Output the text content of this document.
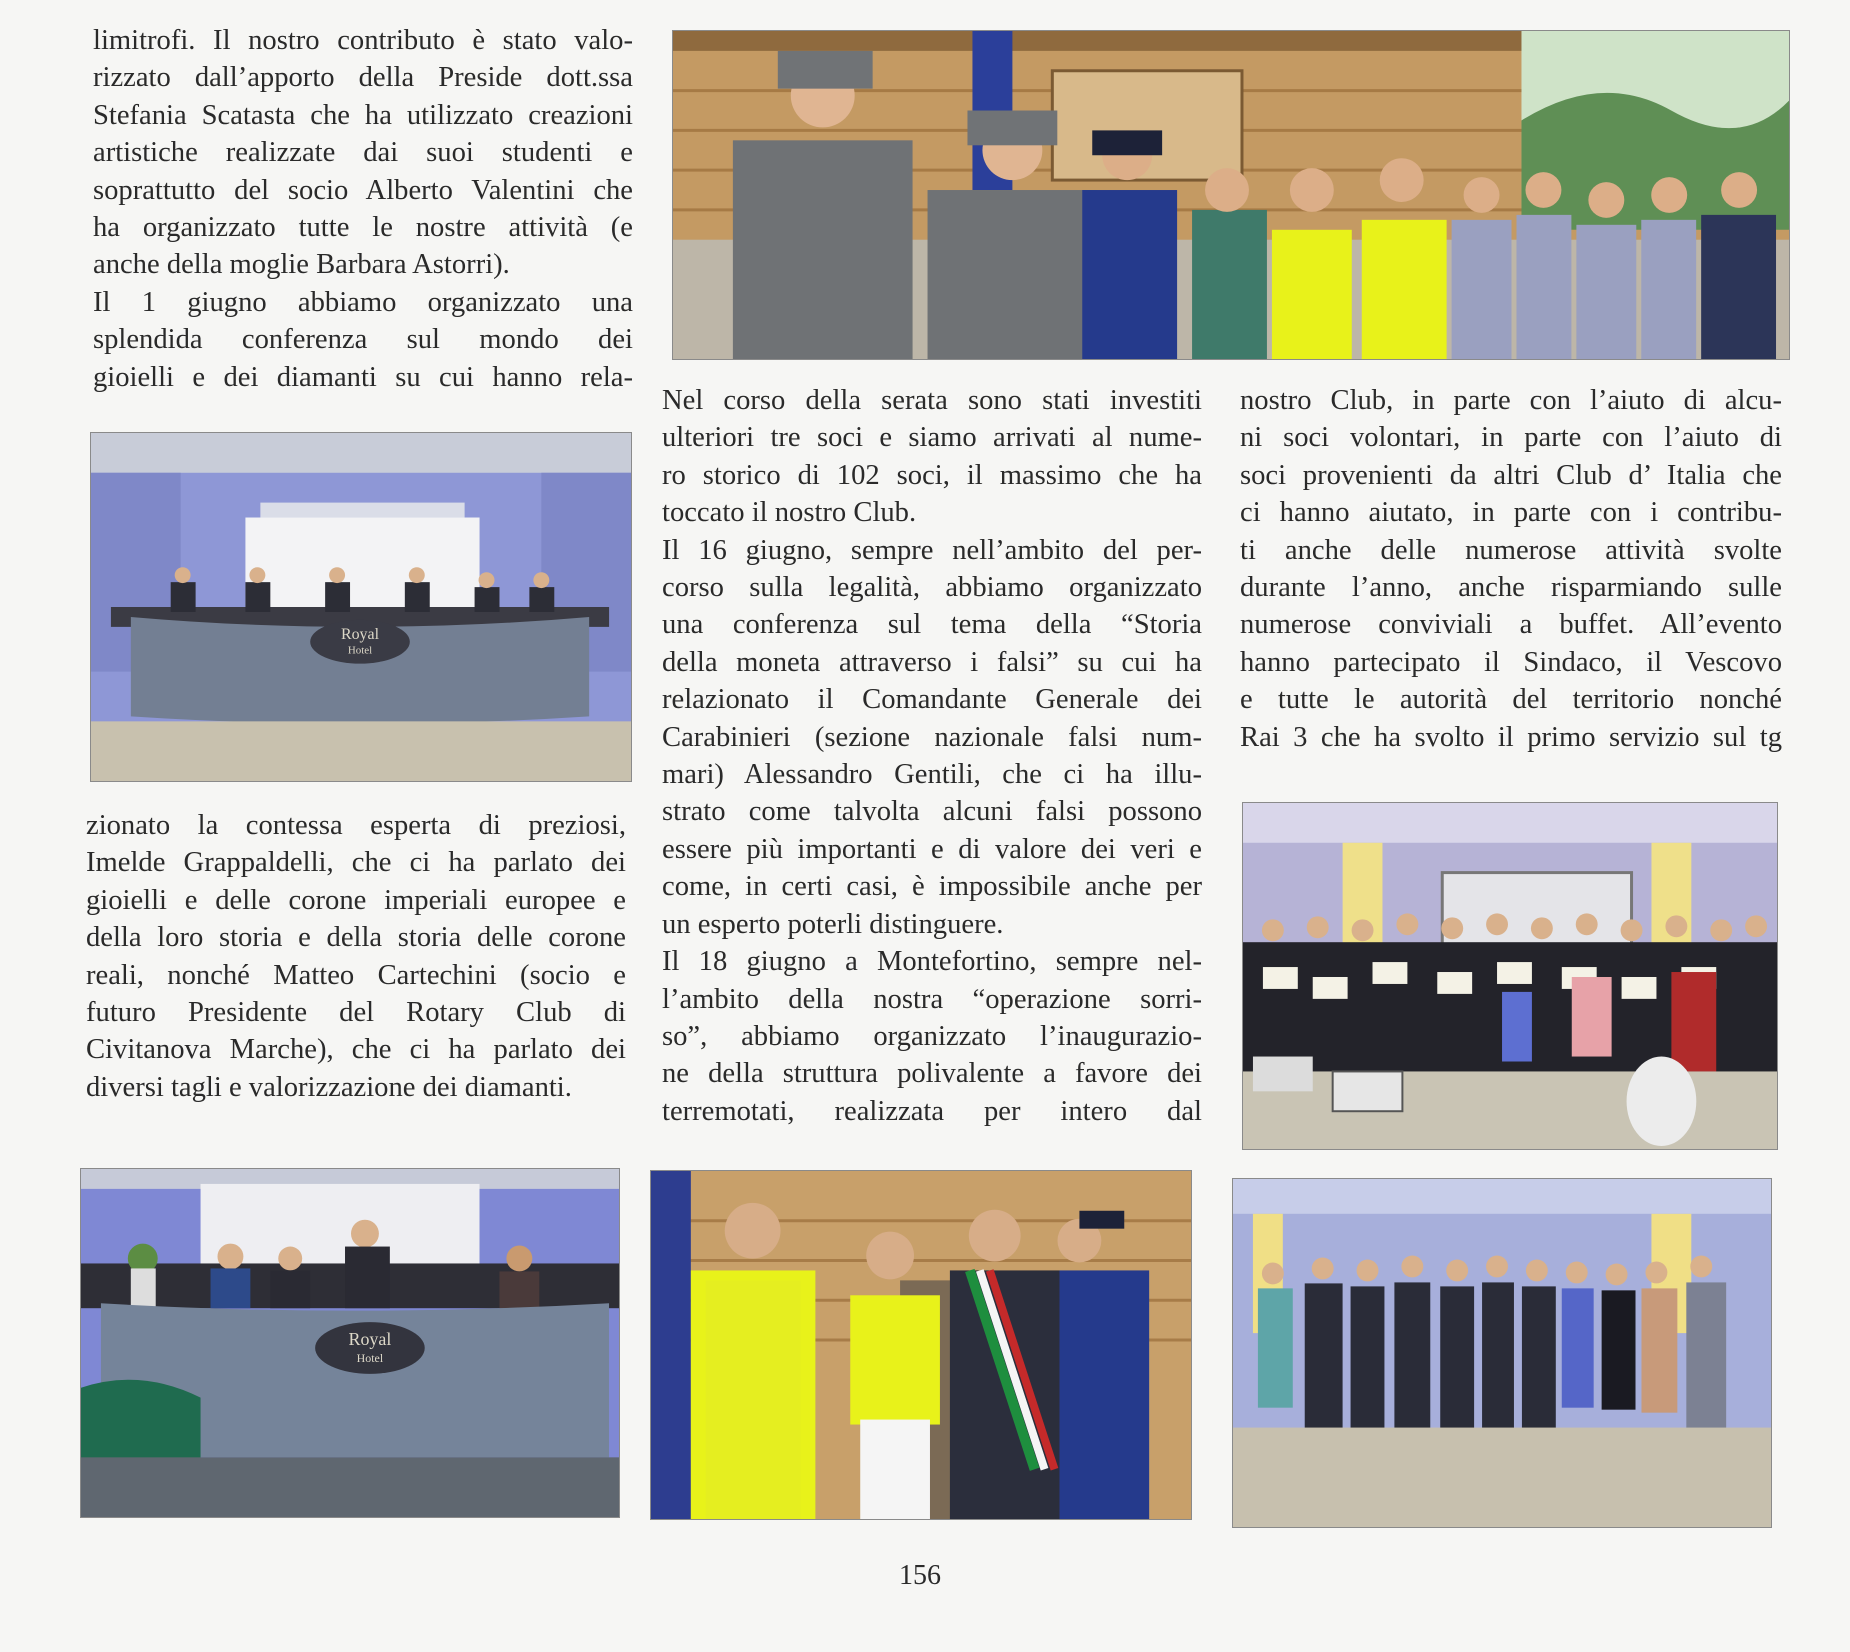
limitrofi. Il nostro contributo è stato valo-

rizzato dall’apporto della Preside dott.ssa

Stefania Scatasta che ha utilizzato creazioni

artistiche realizzate dai suoi studenti e

soprattutto del socio Alberto Valentini che

ha organizzato tutte le nostre attività (e

anche della moglie Barbara Astorri).

Il 1 giugno abbiamo organizzato una

splendida conferenza sul mondo dei

gioielli e dei diamanti su cui hanno rela-

zionato la contessa esperta di preziosi,

Imelde Grappaldelli, che ci ha parlato dei

gioielli e delle corone imperiali europee e

della loro storia e della storia delle corone

reali, nonché Matteo Cartechini (socio e

futuro Presidente del Rotary Club di

Civitanova Marche), che ci ha parlato dei

diversi tagli e valorizzazione dei diamanti.

Nel corso della serata sono stati investiti

ulteriori tre soci e siamo arrivati al nume-

ro storico di 102 soci, il massimo che ha

toccato il nostro Club.

Il 16 giugno, sempre nell’ambito del per-

corso sulla legalità, abbiamo organizzato

una conferenza sul tema della “Storia

della moneta attraverso i falsi” su cui ha

relazionato il Comandante Generale dei

Carabinieri (sezione nazionale falsi num-

mari) Alessandro Gentili, che ci ha illu-

strato come talvolta alcuni falsi possono

essere più importanti e di valore dei veri e

come, in certi casi, è impossibile anche per

un esperto poterli distinguere.

Il 18 giugno a Montefortino, sempre nel-

l’ambito della nostra “operazione sorri-

so”, abbiamo organizzato l’inaugurazio-

ne della struttura polivalente a favore dei

terremotati, realizzata per intero dal

nostro Club, in parte con l’aiuto di alcu-

ni soci volontari, in parte con l’aiuto di

soci provenienti da altri Club d’ Italia che

ci hanno aiutato, in parte con i contribu-

ti anche delle numerose attività svolte

durante l’anno, anche risparmiando sulle

numerose conviviali a buffet. All’evento

hanno partecipato il Sindaco, il Vescovo

e tutte le autorità del territorio nonché

Rai 3 che ha svolto il primo servizio sul tg

Royal
Hotel
Royal
Hotel
156
